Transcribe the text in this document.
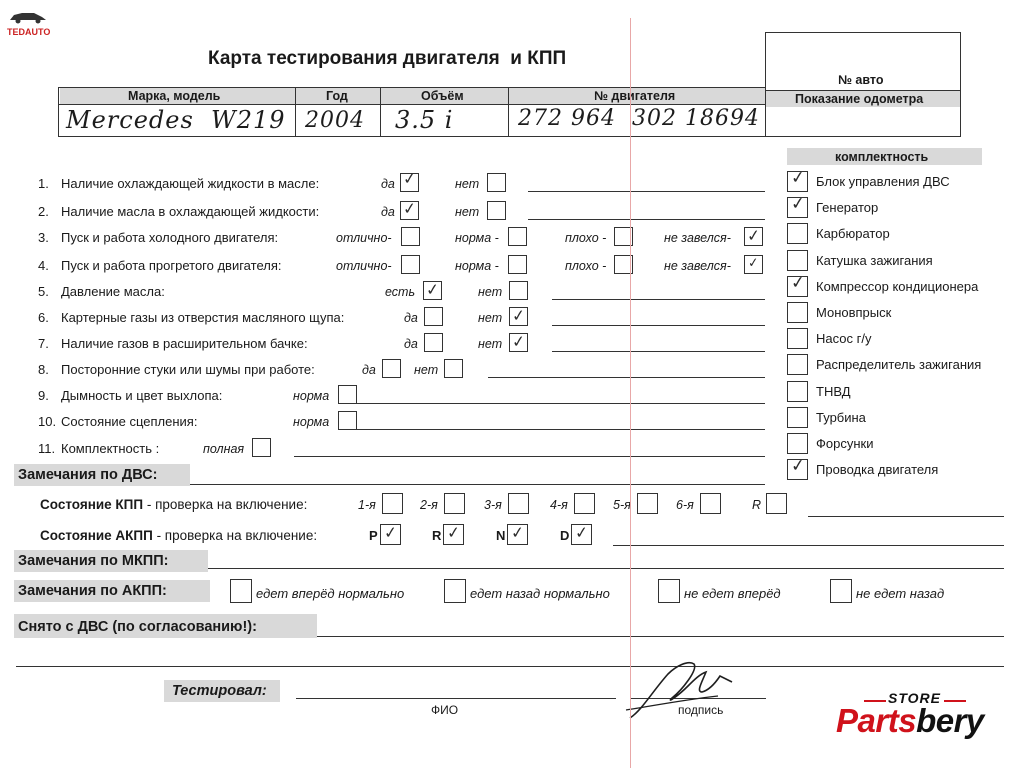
TEDAUTO
Карта тестирования двигателя  и КПП
№ авто
Показание одометра
Марка, модель	Год	Объём	№ двигателя
Mercedes  W219 2004 3.5 i	272 964  302 18694
1. Наличие охлаждающей жидкости в масле:	да ✓	нет
2. Наличие масла в охлаждающей жидкости:	да ✓	нет
3. Пуск и работа холодного двигателя:	отлично-	норма -	плохо -	не завелся- ✓
4. Пуск и работа прогретого двигателя:	отлично-	норма -	плохо -	не завелся- ✓
5. Давление масла:	есть ✓	нет
6. Картерные газы из отверстия масляного щупа:	да	нет ✓
7. Наличие газов в расширительном бачке:	да	нет ✓
8. Посторонние стуки или шумы при работе:	да	нет
9. Дымность и цвет выхлопа:	норма
10. Состояние сцепления:	норма
11. Комплектность :	полная
комплектность
✓ Блок управления ДВС
✓ Генератор
Карбюратор
Катушка зажигания
✓ Компрессор кондиционера
Моновпрыск
Насос г/у
Распределитель зажигания
ТНВД
Турбина
Форсунки
✓ Проводка двигателя
Замечания по ДВС:
Состояние КПП - проверка на включение:	1-я	2-я	3-я	4-я	5-я	6-я	R
Состояние АКПП - проверка на включение:	P ✓	R ✓	N ✓	D ✓
Замечания по МКПП:
Замечания по АКПП:	едет вперёд нормально	едет назад нормально	не едет вперёд	не едет назад
Снято с ДВС (по согласованию!):
Тестировал:
ФИО	подпись
STORE
Partsbery
